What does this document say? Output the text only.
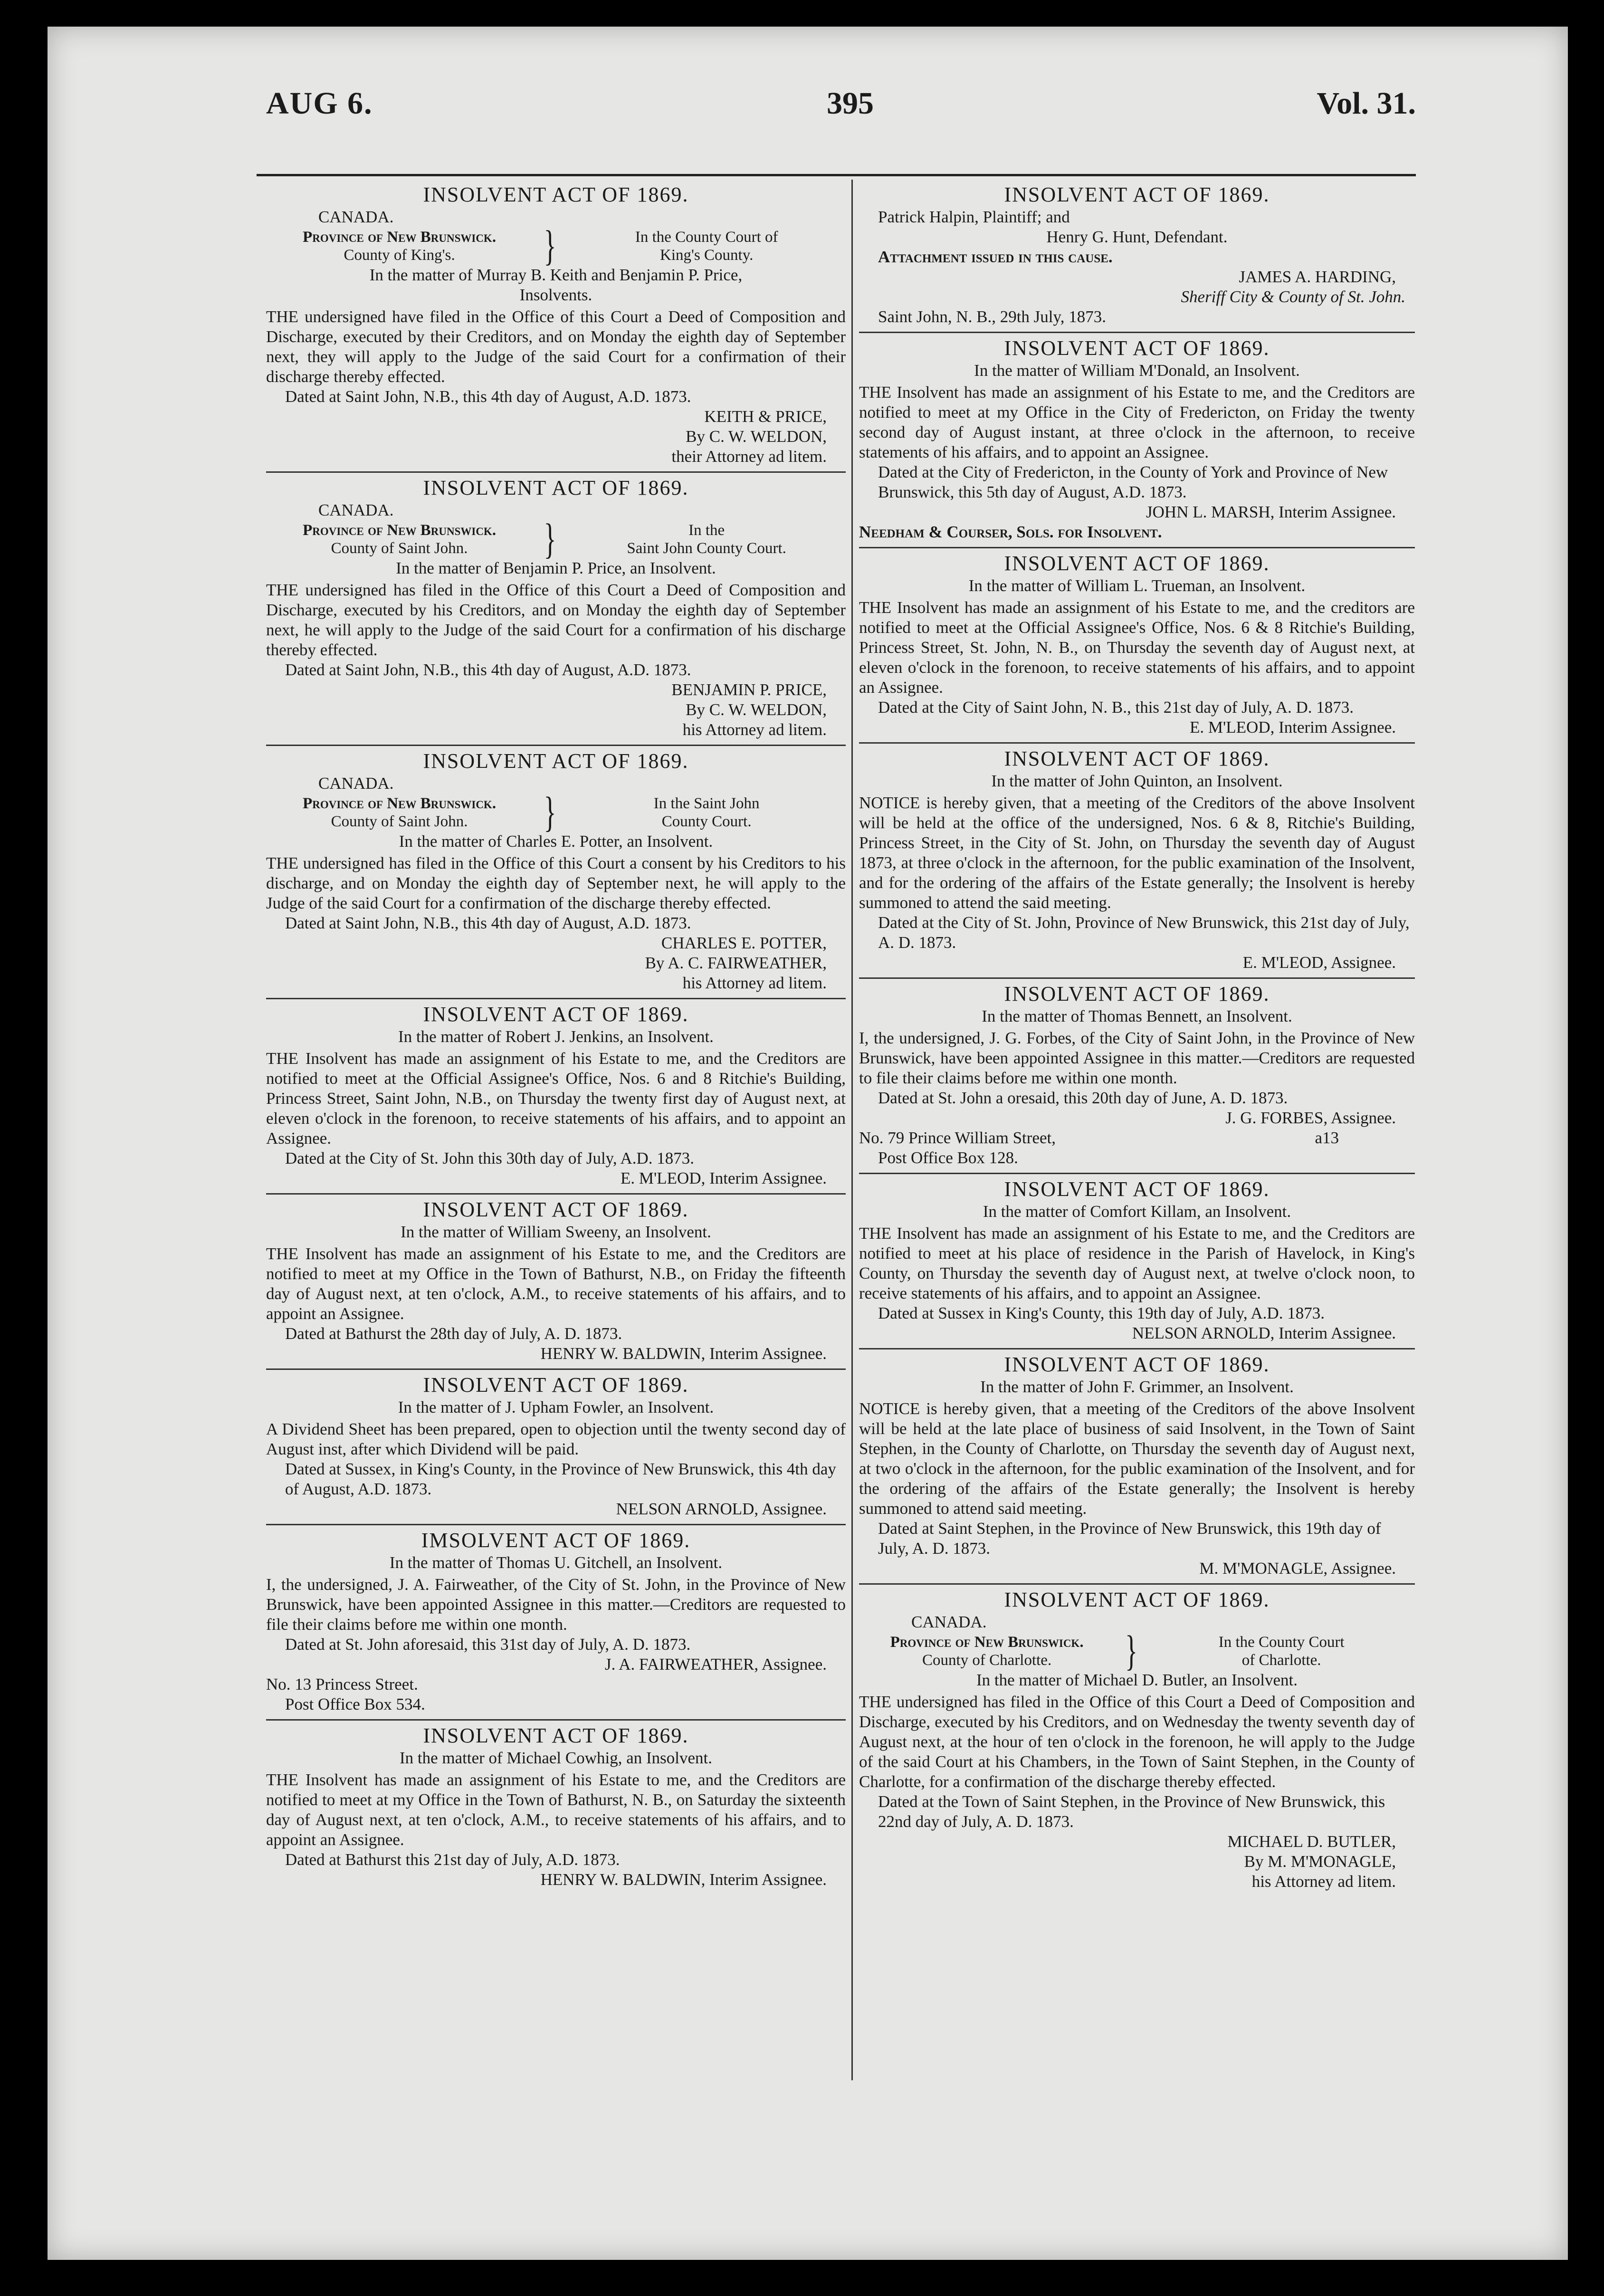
AUG 6.	395	Vol. 31.
INSOLVENT ACT OF 1869.
CANADA.
Province of New Brunswick.
County of King's.	}	In the County Court of
King's County.
In the matter of Murray B. Keith and Benjamin P. Price,
Insolvents.

THE undersigned have filed in the Office of this Court a Deed of Composition and Discharge, executed by their Creditors, and on Monday the eighth day of September next, they will apply to the Judge of the said Court for a confirmation of their discharge thereby effected.

Dated at Saint John, N.B., this 4th day of August, A.D. 1873.
KEITH & PRICE,
By C. W. WELDON,
their Attorney ad litem.
INSOLVENT ACT OF 1869.
CANADA.
Province of New Brunswick.
County of Saint John.	}	In the
Saint John County Court.
In the matter of Benjamin P. Price, an Insolvent.

THE undersigned has filed in the Office of this Court a Deed of Composition and Discharge, executed by his Creditors, and on Monday the eighth day of September next, he will apply to the Judge of the said Court for a confirmation of his discharge thereby effected.

Dated at Saint John, N.B., this 4th day of August, A.D. 1873.
BENJAMIN P. PRICE,
By C. W. WELDON,
his Attorney ad litem.
INSOLVENT ACT OF 1869.
CANADA.
Province of New Brunswick.
County of Saint John.	}	In the Saint John
County Court.
In the matter of Charles E. Potter, an Insolvent.

THE undersigned has filed in the Office of this Court a consent by his Creditors to his discharge, and on Monday the eighth day of September next, he will apply to the Judge of the said Court for a confirmation of the discharge thereby effected.

Dated at Saint John, N.B., this 4th day of August, A.D. 1873.
CHARLES E. POTTER,
By A. C. FAIRWEATHER,
his Attorney ad litem.
INSOLVENT ACT OF 1869.
In the matter of Robert J. Jenkins, an Insolvent.

THE Insolvent has made an assignment of his Estate to me, and the Creditors are notified to meet at the Official Assignee's Office, Nos. 6 and 8 Ritchie's Building, Princess Street, Saint John, N.B., on Thursday the twenty first day of August next, at eleven o'clock in the forenoon, to receive statements of his affairs, and to appoint an Assignee.

Dated at the City of St. John this 30th day of July, A.D. 1873.
E. M'LEOD, Interim Assignee.
INSOLVENT ACT OF 1869.
In the matter of William Sweeny, an Insolvent.

THE Insolvent has made an assignment of his Estate to me, and the Creditors are notified to meet at my Office in the Town of Bathurst, N.B., on Friday the fifteenth day of August next, at ten o'clock, A.M., to receive statements of his affairs, and to appoint an Assignee.

Dated at Bathurst the 28th day of July, A. D. 1873.
HENRY W. BALDWIN, Interim Assignee.
INSOLVENT ACT OF 1869.
In the matter of J. Upham Fowler, an Insolvent.

A Dividend Sheet has been prepared, open to objection until the twenty second day of August inst, after which Dividend will be paid.

Dated at Sussex, in King's County, in the Province of New Brunswick, this 4th day of August, A.D. 1873.
NELSON ARNOLD, Assignee.
IMSOLVENT ACT OF 1869.
In the matter of Thomas U. Gitchell, an Insolvent.

I, the undersigned, J. A. Fairweather, of the City of St. John, in the Province of New Brunswick, have been appointed Assignee in this matter.—Creditors are requested to file their claims before me within one month.

Dated at St. John aforesaid, this 31st day of July, A. D. 1873.
J. A. FAIRWEATHER, Assignee.
No. 13 Princess Street.
Post Office Box 534.
INSOLVENT ACT OF 1869.
In the matter of Michael Cowhig, an Insolvent.

THE Insolvent has made an assignment of his Estate to me, and the Creditors are notified to meet at my Office in the Town of Bathurst, N. B., on Saturday the sixteenth day of August next, at ten o'clock, A.M., to receive statements of his affairs, and to appoint an Assignee.

Dated at Bathurst this 21st day of July, A.D. 1873.
HENRY W. BALDWIN, Interim Assignee.
INSOLVENT ACT OF 1869.
Patrick Halpin, Plaintiff; and
Henry G. Hunt, Defendant.
Attachment issued in this cause.
JAMES A. HARDING,
Sheriff City & County of St. John.
Saint John, N. B., 29th July, 1873.
INSOLVENT ACT OF 1869.
In the matter of William M'Donald, an Insolvent.

THE Insolvent has made an assignment of his Estate to me, and the Creditors are notified to meet at my Office in the City of Fredericton, on Friday the twenty second day of August instant, at three o'clock in the afternoon, to receive statements of his affairs, and to appoint an Assignee.

Dated at the City of Fredericton, in the County of York and Province of New Brunswick, this 5th day of August, A.D. 1873.
JOHN L. MARSH, Interim Assignee.
Needham & Courser, Sols. for Insolvent.
INSOLVENT ACT OF 1869.
In the matter of William L. Trueman, an Insolvent.

THE Insolvent has made an assignment of his Estate to me, and the creditors are notified to meet at the Official Assignee's Office, Nos. 6 & 8 Ritchie's Building, Princess Street, St. John, N. B., on Thursday the seventh day of August next, at eleven o'clock in the forenoon, to receive statements of his affairs, and to appoint an Assignee.

Dated at the City of Saint John, N. B., this 21st day of July, A. D. 1873.
E. M'LEOD, Interim Assignee.
INSOLVENT ACT OF 1869.
In the matter of John Quinton, an Insolvent.

NOTICE is hereby given, that a meeting of the Creditors of the above Insolvent will be held at the office of the undersigned, Nos. 6 & 8, Ritchie's Building, Princess Street, in the City of St. John, on Thursday the seventh day of August 1873, at three o'clock in the afternoon, for the public examination of the Insolvent, and for the ordering of the affairs of the Estate generally; the Insolvent is hereby summoned to attend the said meeting.

Dated at the City of St. John, Province of New Brunswick, this 21st day of July, A. D. 1873.
E. M'LEOD, Assignee.
INSOLVENT ACT OF 1869.
In the matter of Thomas Bennett, an Insolvent.

I, the undersigned, J. G. Forbes, of the City of Saint John, in the Province of New Brunswick, have been appointed Assignee in this matter.—Creditors are requested to file their claims before me within one month.

Dated at St. John a oresaid, this 20th day of June, A. D. 1873.
J. G. FORBES, Assignee.
No. 79 Prince William Street,	a13
Post Office Box 128.
INSOLVENT ACT OF 1869.
In the matter of Comfort Killam, an Insolvent.

THE Insolvent has made an assignment of his Estate to me, and the Creditors are notified to meet at his place of residence in the Parish of Havelock, in King's County, on Thursday the seventh day of August next, at twelve o'clock noon, to receive statements of his affairs, and to appoint an Assignee.

Dated at Sussex in King's County, this 19th day of July, A.D. 1873.
NELSON ARNOLD, Interim Assignee.
INSOLVENT ACT OF 1869.
In the matter of John F. Grimmer, an Insolvent.

NOTICE is hereby given, that a meeting of the Creditors of the above Insolvent will be held at the late place of business of said Insolvent, in the Town of Saint Stephen, in the County of Charlotte, on Thursday the seventh day of August next, at two o'clock in the afternoon, for the public examination of the Insolvent, and for the ordering of the affairs of the Estate generally; the Insolvent is hereby summoned to attend said meeting.

Dated at Saint Stephen, in the Province of New Brunswick, this 19th day of July, A. D. 1873.
M. M'MONAGLE, Assignee.
INSOLVENT ACT OF 1869.
CANADA.
Province of New Brunswick.
County of Charlotte.	}	In the County Court
of Charlotte.
In the matter of Michael D. Butler, an Insolvent.

THE undersigned has filed in the Office of this Court a Deed of Composition and Discharge, executed by his Creditors, and on Wednesday the twenty seventh day of August next, at the hour of ten o'clock in the forenoon, he will apply to the Judge of the said Court at his Chambers, in the Town of Saint Stephen, in the County of Charlotte, for a confirmation of the discharge thereby effected.

Dated at the Town of Saint Stephen, in the Province of New Brunswick, this 22nd day of July, A. D. 1873.
MICHAEL D. BUTLER,
By M. M'MONAGLE,
his Attorney ad litem.
